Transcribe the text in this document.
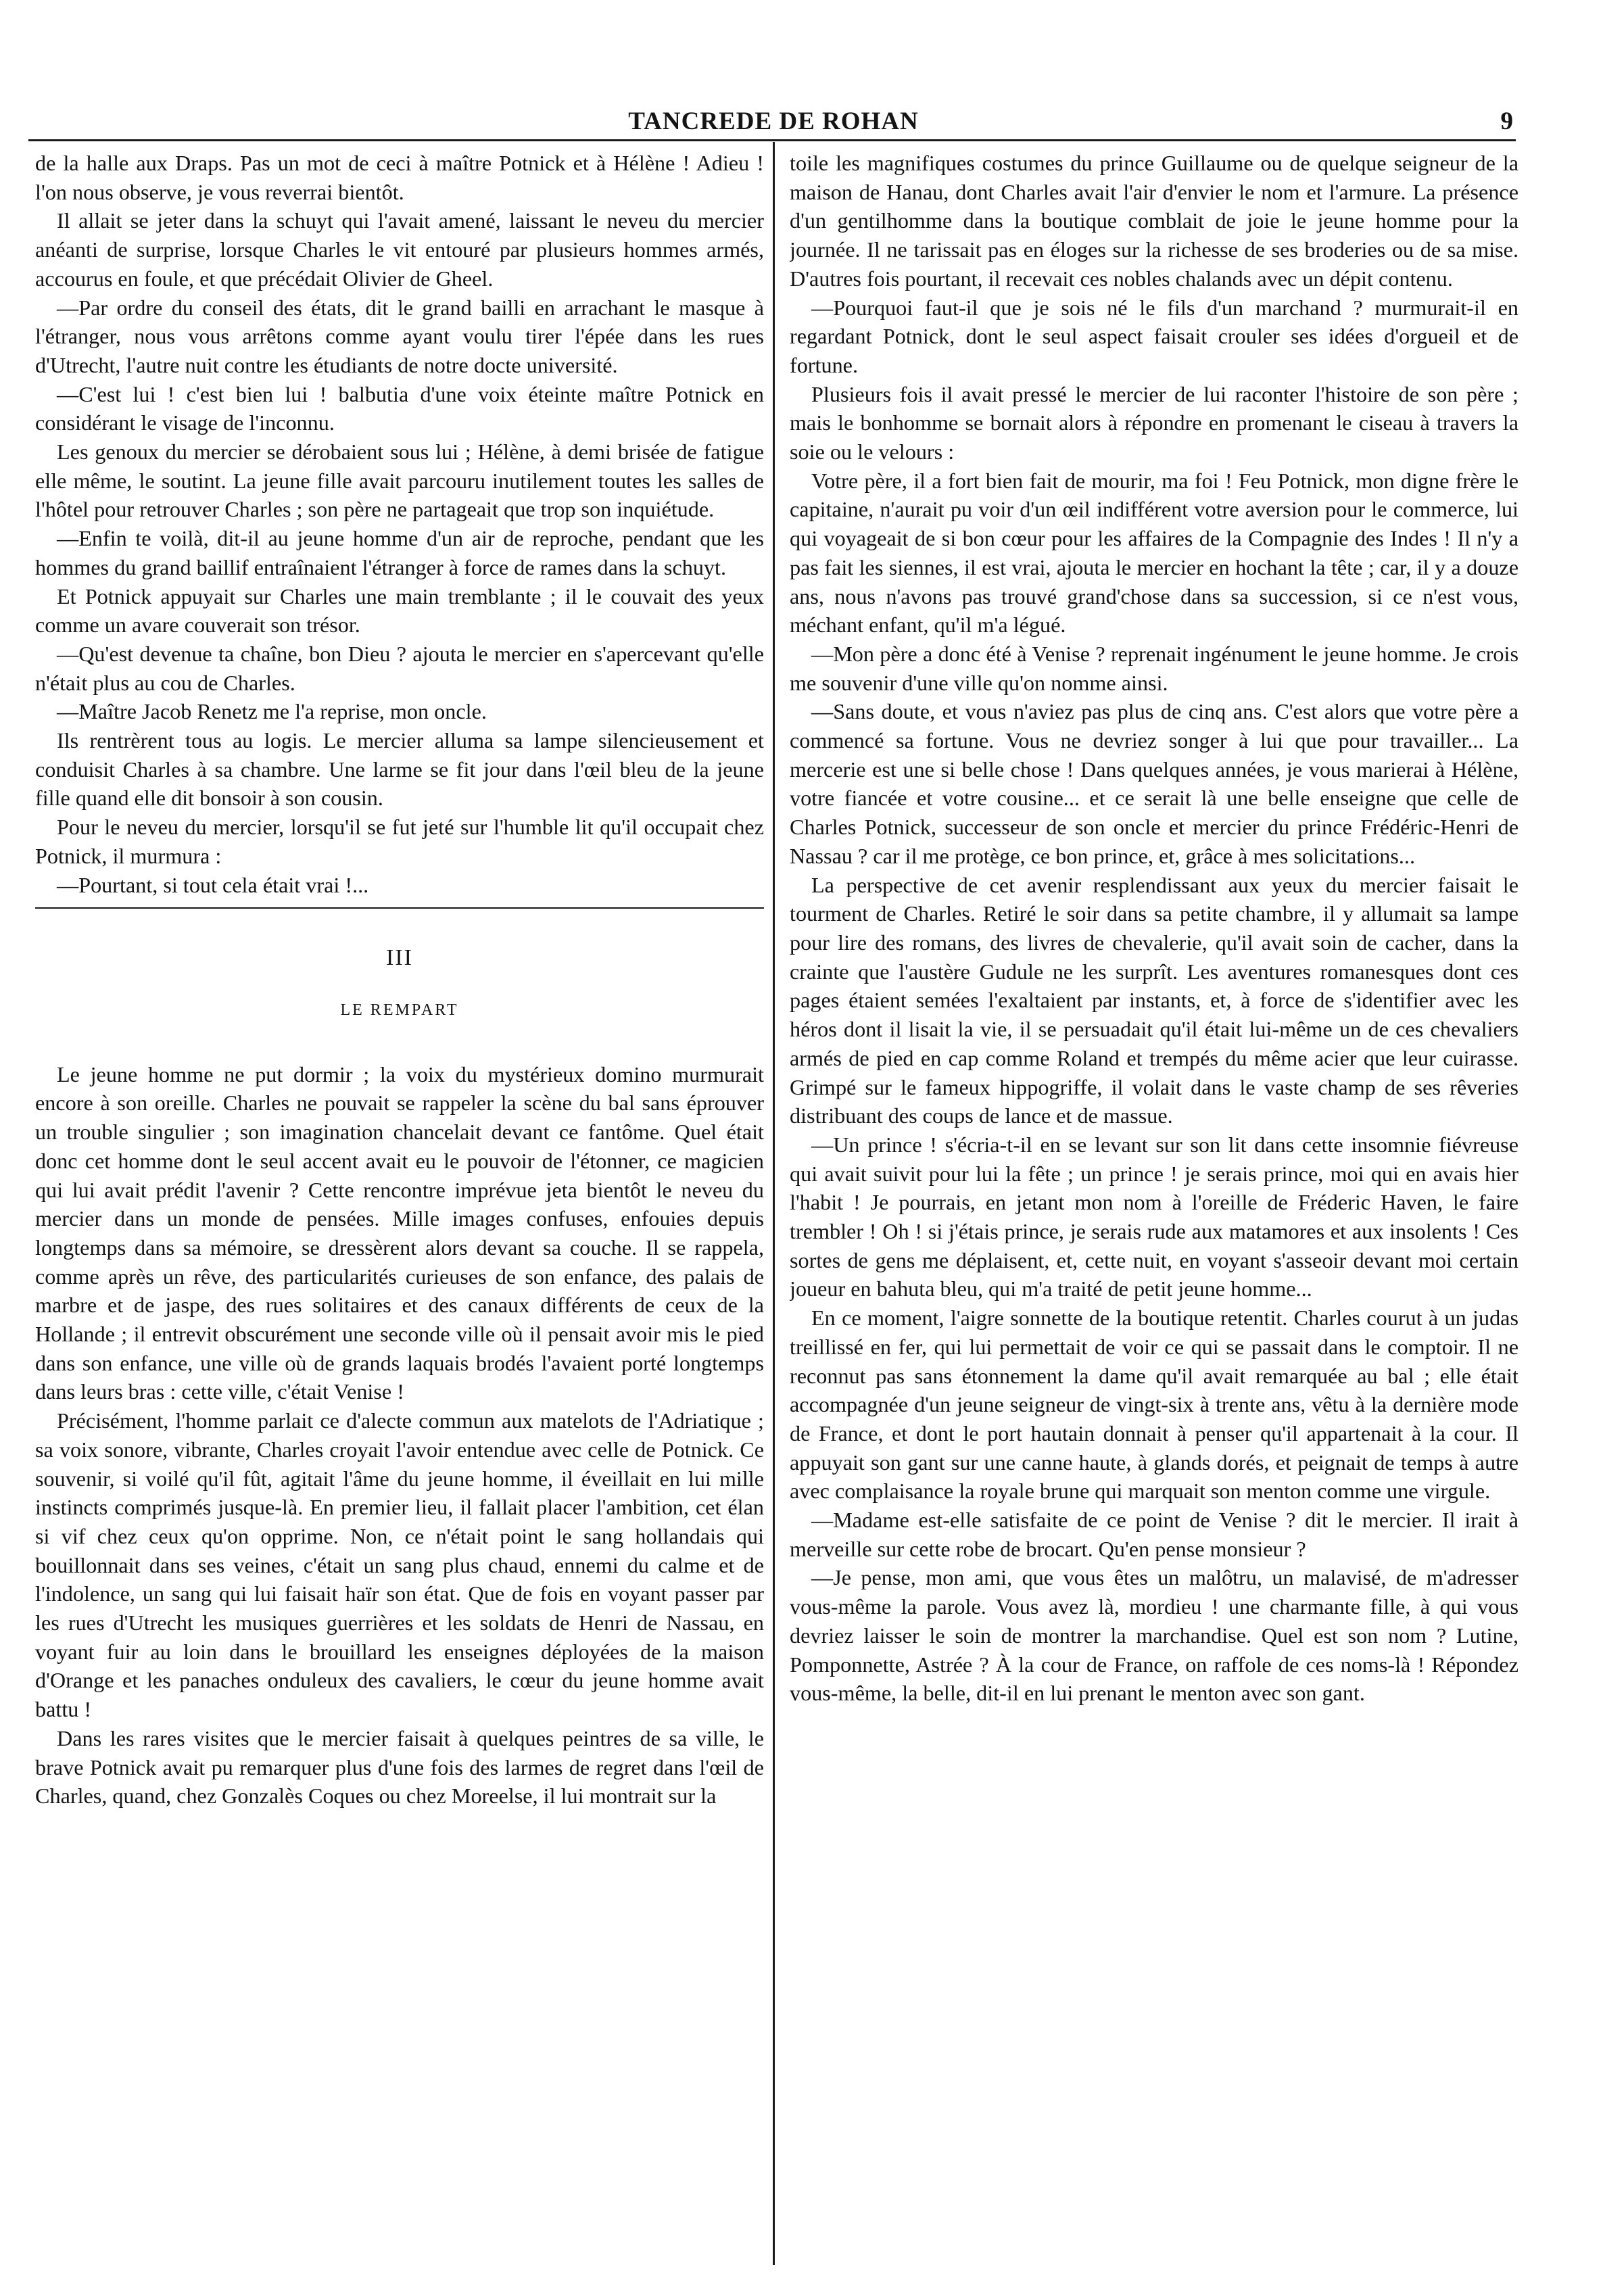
TANCREDE DE ROHAN	9

de la halle aux Draps. Pas un mot de ceci à maître Potnick et à Hélène ! Adieu ! l'on nous observe, je vous reverrai bientôt.

Il allait se jeter dans la schuyt qui l'avait amené, laissant le neveu du mercier anéanti de surprise, lorsque Charles le vit entouré par plusieurs hommes armés, accourus en foule, et que précédait Olivier de Gheel.

—Par ordre du conseil des états, dit le grand bailli en arrachant le masque à l'étranger, nous vous arrêtons comme ayant voulu tirer l'épée dans les rues d'Utrecht, l'autre nuit contre les étudiants de notre docte université.

—C'est lui ! c'est bien lui ! balbutia d'une voix éteinte maître Potnick en considérant le visage de l'inconnu.

Les genoux du mercier se dérobaient sous lui ; Hélène, à demi brisée de fatigue elle même, le soutint. La jeune fille avait parcouru inutilement toutes les salles de l'hôtel pour retrouver Charles ; son père ne partageait que trop son inquiétude.

—Enfin te voilà, dit-il au jeune homme d'un air de reproche, pendant que les hommes du grand baillif entraînaient l'étranger à force de rames dans la schuyt.

Et Potnick appuyait sur Charles une main tremblante ; il le couvait des yeux comme un avare couverait son trésor.

—Qu'est devenue ta chaîne, bon Dieu ? ajouta le mercier en s'apercevant qu'elle n'était plus au cou de Charles.

—Maître Jacob Renetz me l'a reprise, mon oncle.

Ils rentrèrent tous au logis. Le mercier alluma sa lampe silencieusement et conduisit Charles à sa chambre. Une larme se fit jour dans l'œil bleu de la jeune fille quand elle dit bonsoir à son cousin.

Pour le neveu du mercier, lorsqu'il se fut jeté sur l'humble lit qu'il occupait chez Potnick, il murmura :

—Pourtant, si tout cela était vrai !...

III
LE REMPART

Le jeune homme ne put dormir ; la voix du mystérieux domino murmurait encore à son oreille. Charles ne pouvait se rappeler la scène du bal sans éprouver un trouble singulier ; son imagination chancelait devant ce fantôme. Quel était donc cet homme dont le seul accent avait eu le pouvoir de l'étonner, ce magicien qui lui avait prédit l'avenir ? Cette rencontre imprévue jeta bientôt le neveu du mercier dans un monde de pensées. Mille images confuses, enfouies depuis longtemps dans sa mémoire, se dressèrent alors devant sa couche. Il se rappela, comme après un rêve, des particularités curieuses de son enfance, des palais de marbre et de jaspe, des rues solitaires et des canaux différents de ceux de la Hollande ; il entrevit obscurément une seconde ville où il pensait avoir mis le pied dans son enfance, une ville où de grands laquais brodés l'avaient porté longtemps dans leurs bras : cette ville, c'était Venise !

Précisément, l'homme parlait ce d'alecte commun aux matelots de l'Adriatique ; sa voix sonore, vibrante, Charles croyait l'avoir entendue avec celle de Potnick. Ce souvenir, si voilé qu'il fût, agitait l'âme du jeune homme, il éveillait en lui mille instincts comprimés jusque-là. En premier lieu, il fallait placer l'ambition, cet élan si vif chez ceux qu'on opprime. Non, ce n'était point le sang hollandais qui bouillonnait dans ses veines, c'était un sang plus chaud, ennemi du calme et de l'indolence, un sang qui lui faisait haïr son état. Que de fois en voyant passer par les rues d'Utrecht les musiques guerrières et les soldats de Henri de Nassau, en voyant fuir au loin dans le brouillard les enseignes déployées de la maison d'Orange et les panaches onduleux des cavaliers, le cœur du jeune homme avait battu !

Dans les rares visites que le mercier faisait à quelques peintres de sa ville, le brave Potnick avait pu remarquer plus d'une fois des larmes de regret dans l'œil de Charles, quand, chez Gonzalès Coques ou chez Moreelse, il lui montrait sur la

toile les magnifiques costumes du prince Guillaume ou de quelque seigneur de la maison de Hanau, dont Charles avait l'air d'envier le nom et l'armure. La présence d'un gentilhomme dans la boutique comblait de joie le jeune homme pour la journée. Il ne tarissait pas en éloges sur la richesse de ses broderies ou de sa mise. D'autres fois pourtant, il recevait ces nobles chalands avec un dépit contenu.

—Pourquoi faut-il que je sois né le fils d'un marchand ? murmurait-il en regardant Potnick, dont le seul aspect faisait crouler ses idées d'orgueil et de fortune.

Plusieurs fois il avait pressé le mercier de lui raconter l'histoire de son père ; mais le bonhomme se bornait alors à répondre en promenant le ciseau à travers la soie ou le velours :

Votre père, il a fort bien fait de mourir, ma foi ! Feu Potnick, mon digne frère le capitaine, n'aurait pu voir d'un œil indifférent votre aversion pour le commerce, lui qui voyageait de si bon cœur pour les affaires de la Compagnie des Indes ! Il n'y a pas fait les siennes, il est vrai, ajouta le mercier en hochant la tête ; car, il y a douze ans, nous n'avons pas trouvé grand'chose dans sa succession, si ce n'est vous, méchant enfant, qu'il m'a légué.

—Mon père a donc été à Venise ? reprenait ingénument le jeune homme. Je crois me souvenir d'une ville qu'on nomme ainsi.

—Sans doute, et vous n'aviez pas plus de cinq ans. C'est alors que votre père a commencé sa fortune. Vous ne devriez songer à lui que pour travailler... La mercerie est une si belle chose ! Dans quelques années, je vous marierai à Hélène, votre fiancée et votre cousine... et ce serait là une belle enseigne que celle de Charles Potnick, successeur de son oncle et mercier du prince Frédéric-Henri de Nassau ? car il me protège, ce bon prince, et, grâce à mes solicitations...

La perspective de cet avenir resplendissant aux yeux du mercier faisait le tourment de Charles. Retiré le soir dans sa petite chambre, il y allumait sa lampe pour lire des romans, des livres de chevalerie, qu'il avait soin de cacher, dans la crainte que l'austère Gudule ne les surprît. Les aventures romanesques dont ces pages étaient semées l'exaltaient par instants, et, à force de s'identifier avec les héros dont il lisait la vie, il se persuadait qu'il était lui-même un de ces chevaliers armés de pied en cap comme Roland et trempés du même acier que leur cuirasse. Grimpé sur le fameux hippogriffe, il volait dans le vaste champ de ses rêveries distribuant des coups de lance et de massue.

—Un prince ! s'écria-t-il en se levant sur son lit dans cette insomnie fiévreuse qui avait suivit pour lui la fête ; un prince ! je serais prince, moi qui en avais hier l'habit ! Je pourrais, en jetant mon nom à l'oreille de Fréderic Haven, le faire trembler ! Oh ! si j'étais prince, je serais rude aux matamores et aux insolents ! Ces sortes de gens me déplaisent, et, cette nuit, en voyant s'asseoir devant moi certain joueur en bahuta bleu, qui m'a traité de petit jeune homme...

En ce moment, l'aigre sonnette de la boutique retentit. Charles courut à un judas treillissé en fer, qui lui permettait de voir ce qui se passait dans le comptoir. Il ne reconnut pas sans étonnement la dame qu'il avait remarquée au bal ; elle était accompagnée d'un jeune seigneur de vingt-six à trente ans, vêtu à la dernière mode de France, et dont le port hautain donnait à penser qu'il appartenait à la cour. Il appuyait son gant sur une canne haute, à glands dorés, et peignait de temps à autre avec complaisance la royale brune qui marquait son menton comme une virgule.

—Madame est-elle satisfaite de ce point de Venise ? dit le mercier. Il irait à merveille sur cette robe de brocart. Qu'en pense monsieur ?

—Je pense, mon ami, que vous êtes un malôtru, un malavisé, de m'adresser vous-même la parole. Vous avez là, mordieu ! une charmante fille, à qui vous devriez laisser le soin de montrer la marchandise. Quel est son nom ? Lutine, Pomponnette, Astrée ? À la cour de France, on raffole de ces noms-là ! Répondez vous-même, la belle, dit-il en lui prenant le menton avec son gant.
